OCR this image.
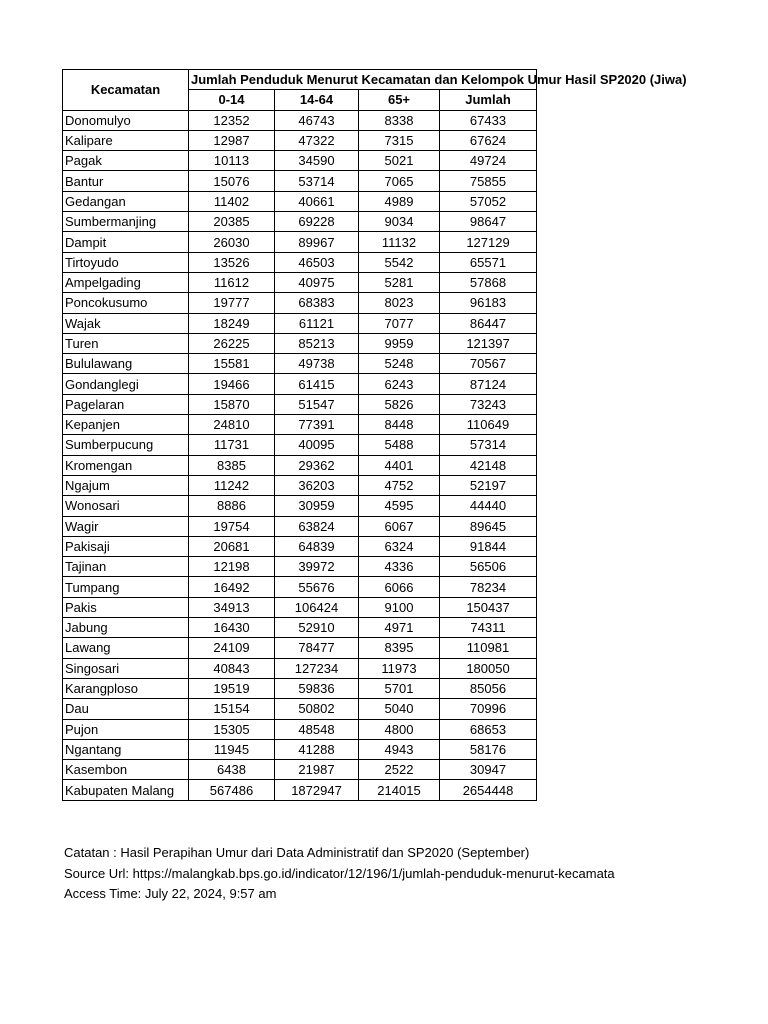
Kecamatan	Jumlah Penduduk Menurut Kecamatan dan Kelompok Umur Hasil SP2020 (Jiwa)			
	0-14	14-64	65+	Jumlah
Donomulyo	12352	46743	8338	67433
Kalipare	12987	47322	7315	67624
Pagak	10113	34590	5021	49724
Bantur	15076	53714	7065	75855
Gedangan	11402	40661	4989	57052
Sumbermanjing	20385	69228	9034	98647
Dampit	26030	89967	11132	127129
Tirtoyudo	13526	46503	5542	65571
Ampelgading	11612	40975	5281	57868
Poncokusumo	19777	68383	8023	96183
Wajak	18249	61121	7077	86447
Turen	26225	85213	9959	121397
Bululawang	15581	49738	5248	70567
Gondanglegi	19466	61415	6243	87124
Pagelaran	15870	51547	5826	73243
Kepanjen	24810	77391	8448	110649
Sumberpucung	11731	40095	5488	57314
Kromengan	8385	29362	4401	42148
Ngajum	11242	36203	4752	52197
Wonosari	8886	30959	4595	44440
Wagir	19754	63824	6067	89645
Pakisaji	20681	64839	6324	91844
Tajinan	12198	39972	4336	56506
Tumpang	16492	55676	6066	78234
Pakis	34913	106424	9100	150437
Jabung	16430	52910	4971	74311
Lawang	24109	78477	8395	110981
Singosari	40843	127234	11973	180050
Karangploso	19519	59836	5701	85056
Dau	15154	50802	5040	70996
Pujon	15305	48548	4800	68653
Ngantang	11945	41288	4943	58176
Kasembon	6438	21987	2522	30947
Kabupaten Malang	567486	1872947	214015	2654448
Catatan : Hasil Perapihan Umur dari Data Administratif dan SP2020 (September)
Source Url: https://malangkab.bps.go.id/indicator/12/196/1/jumlah-penduduk-menurut-kecamata
Access Time: July 22, 2024, 9:57 am
